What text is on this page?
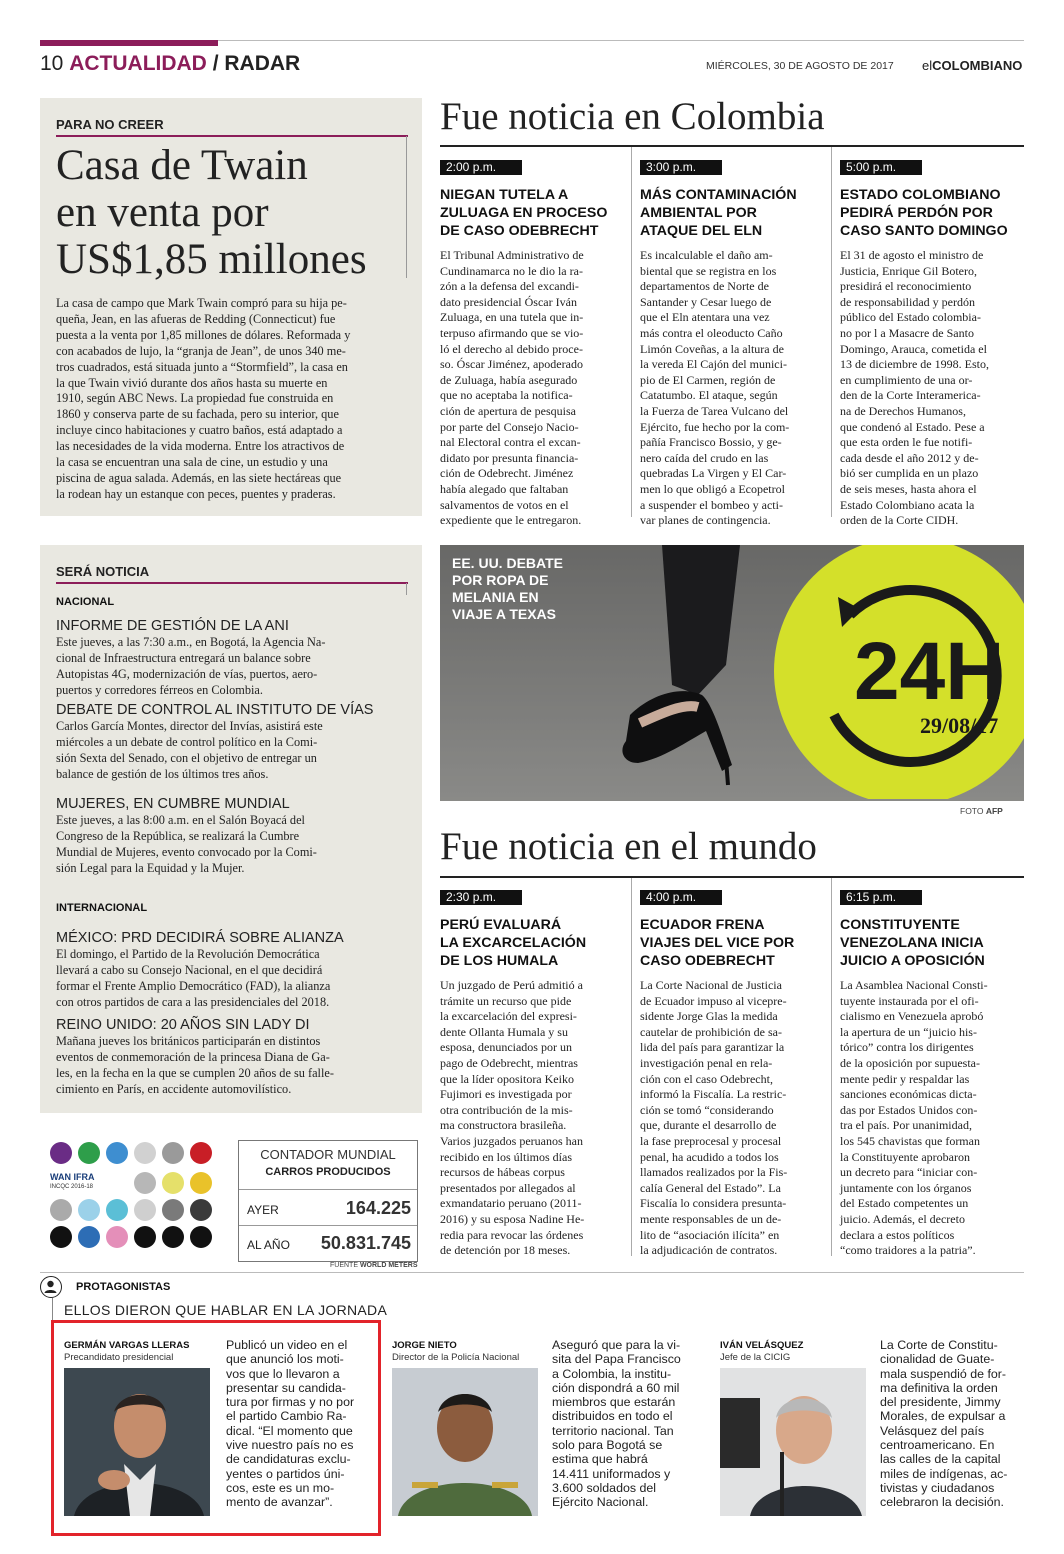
10 ACTUALIDAD / RADAR	MIÉRCOLES, 30 DE AGOSTO DE 2017 elCOLOMBIANO
PARA NO CREER
Casa de Twain
en venta por
US$1,85 millones
La casa de campo que Mark Twain compró para su hija pe-
queña, Jean, en las afueras de Redding (Connecticut) fue
puesta a la venta por 1,85 millones de dólares. Reformada y
con acabados de lujo, la “granja de Jean”, de unos 340 me-
tros cuadrados, está situada junto a “Stormfield”, la casa en
la que Twain vivió durante dos años hasta su muerte en
1910, según ABC News. La propiedad fue construida en
1860 y conserva parte de su fachada, pero su interior, que
incluye cinco habitaciones y cuatro baños, está adaptado a
las necesidades de la vida moderna. Entre los atractivos de
la casa se encuentran una sala de cine, un estudio y una
piscina de agua salada. Además, en las siete hectáreas que
la rodean hay un estanque con peces, puentes y praderas.
Fue noticia en Colombia
2:00 p.m.
NIEGAN TUTELA A
ZULUAGA EN PROCESO
DE CASO ODEBRECHT
El Tribunal Administrativo de
Cundinamarca no le dio la ra-
zón a la defensa del excandi-
dato presidencial Óscar Iván
Zuluaga, en una tutela que in-
terpuso afirmando que se vio-
ló el derecho al debido proce-
so. Óscar Jiménez, apoderado
de Zuluaga, había asegurado
que no aceptaba la notifica-
ción de apertura de pesquisa
por parte del Consejo Nacio-
nal Electoral contra el excan-
didato por presunta financia-
ción de Odebrecht. Jiménez
había alegado que faltaban
salvamentos de votos en el
expediente que le entregaron.
3:00 p.m.
MÁS CONTAMINACIÓN
AMBIENTAL POR
ATAQUE DEL ELN
Es incalculable el daño am-
biental que se registra en los
departamentos de Norte de
Santander y Cesar luego de
que el Eln atentara una vez
más contra el oleoducto Caño
Limón Coveñas, a la altura de
la vereda El Cajón del munici-
pio de El Carmen, región de
Catatumbo. El ataque, según
la Fuerza de Tarea Vulcano del
Ejército, fue hecho por la com-
pañía Francisco Bossio, y ge-
nero caída del crudo en las
quebradas La Virgen y El Car-
men lo que obligó a Ecopetrol
a suspender el bombeo y acti-
var planes de contingencia.
5:00 p.m.
ESTADO COLOMBIANO
PEDIRÁ PERDÓN POR
CASO SANTO DOMINGO
El 31 de agosto el ministro de
Justicia, Enrique Gil Botero,
presidirá el reconocimiento
de responsabilidad y perdón
público del Estado colombia-
no por l a Masacre de Santo
Domingo, Arauca, cometida el
13 de diciembre de 1998. Esto,
en cumplimiento de una or-
den de la Corte Interamerica-
na de Derechos Humanos,
que condenó al Estado. Pese a
que esta orden le fue notifi-
cada desde el año 2012 y de-
bió ser cumplida en un plazo
de seis meses, hasta ahora el
Estado Colombiano acata la
orden de la Corte CIDH.
SERÁ NOTICIA
NACIONAL
INFORME DE GESTIÓN DE LA ANI
Este jueves, a las 7:30 a.m., en Bogotá, la Agencia Na-
cional de Infraestructura entregará un balance sobre
Autopistas 4G, modernización de vías, puertos, aero-
puertos y corredores férreos en Colombia.
DEBATE DE CONTROL AL INSTITUTO DE VÍAS
Carlos García Montes, director del Invías, asistirá este
miércoles a un debate de control político en la Comi-
sión Sexta del Senado, con el objetivo de entregar un
balance de gestión de los últimos tres años.
MUJERES, EN CUMBRE MUNDIAL
Este jueves, a las 8:00 a.m. en el Salón Boyacá del
Congreso de la República, se realizará la Cumbre
Mundial de Mujeres, evento convocado por la Comi-
sión Legal para la Equidad y la Mujer.
INTERNACIONAL
MÉXICO: PRD DECIDIRÁ SOBRE ALIANZA
El domingo, el Partido de la Revolución Democrática
llevará a cabo su Consejo Nacional, en el que decidirá
formar el Frente Amplio Democrático (FAD), la alianza
con otros partidos de cara a las presidenciales del 2018.
REINO UNIDO: 20 AÑOS SIN LADY DI
Mañana jueves los británicos participarán en distintos
eventos de conmemoración de la princesa Diana de Ga-
les, en la fecha en la que se cumplen 20 años de su falle-
cimiento en París, en accidente automovilístico.
24H
29/08/17
EE. UU. DEBATE
POR ROPA DE
MELANIA EN
VIAJE A TEXAS
FOTO AFP
Fue noticia en el mundo
2:30 p.m.
PERÚ EVALUARÁ
LA EXCARCELACIÓN
DE LOS HUMALA
Un juzgado de Perú admitió a
trámite un recurso que pide
la excarcelación del expresi-
dente Ollanta Humala y su
esposa, denunciados por un
pago de Odebrecht, mientras
que la líder opositora Keiko
Fujimori es investigada por
otra contribución de la mis-
ma constructora brasileña.
Varios juzgados peruanos han
recibido en los últimos días
recursos de hábeas corpus
presentados por allegados al
exmandatario peruano (2011-
2016) y su esposa Nadine He-
redia para revocar las órdenes
de detención por 18 meses.
4:00 p.m.
ECUADOR FRENA
VIAJES DEL VICE POR
CASO ODEBRECHT
La Corte Nacional de Justicia
de Ecuador impuso al vicepre-
sidente Jorge Glas la medida
cautelar de prohibición de sa-
lida del país para garantizar la
investigación penal en rela-
ción con el caso Odebrecht,
informó la Fiscalía. La restric-
ción se tomó “considerando
que, durante el desarrollo de
la fase preprocesal y procesal
penal, ha acudido a todos los
llamados realizados por la Fis-
calía General del Estado”. La
Fiscalía lo considera presunta-
mente responsables de un de-
lito de “asociación ilícita” en
la adjudicación de contratos.
6:15 p.m.
CONSTITUYENTE
VENEZOLANA INICIA
JUICIO A OPOSICIÓN
La Asamblea Nacional Consti-
tuyente instaurada por el ofi-
cialismo en Venezuela aprobó
la apertura de un “juicio his-
tórico” contra los dirigentes
de la oposición por supuesta-
mente pedir y respaldar las
sanciones económicas dicta-
das por Estados Unidos con-
tra el país. Por unanimidad,
los 545 chavistas que forman
la Constituyente aprobaron
un decreto para “iniciar con-
juntamente con los órganos
del Estado competentes un
juicio. Además, el decreto
declara a estos políticos
“como traidores a la patria”.
WAN IFRA
INCQC 2016-18
CONTADOR MUNDIAL
CARROS PRODUCIDOS
AYER	164.225
AL AÑO 50.831.745
FUENTE WORLD METERS
PROTAGONISTAS
ELLOS DIERON QUE HABLAR EN LA JORNADA
GERMÁN VARGAS LLERAS
Precandidato presidencial
Publicó un video en el
que anunció los moti-
vos que lo llevaron a
presentar su candida-
tura por firmas y no por
el partido Cambio Ra-
dical. “El momento que
vive nuestro país no es
de candidaturas exclu-
yentes o partidos úni-
cos, este es un mo-
mento de avanzar”.
JORGE NIETO
Director de la Policía Nacional
Aseguró que para la vi-
sita del Papa Francisco
a Colombia, la institu-
ción dispondrá a 60 mil
miembros que estarán
distribuidos en todo el
territorio nacional. Tan
solo para Bogotá se
estima que habrá
14.411 uniformados y
3.600 soldados del
Ejército Nacional.
IVÁN VELÁSQUEZ
Jefe de la CICIG
La Corte de Constitu-
cionalidad de Guate-
mala suspendió de for-
ma definitiva la orden
del presidente, Jimmy
Morales, de expulsar a
Velásquez del país
centroamericano. En
las calles de la capital
miles de indígenas, ac-
tivistas y ciudadanos
celebraron la decisión.
